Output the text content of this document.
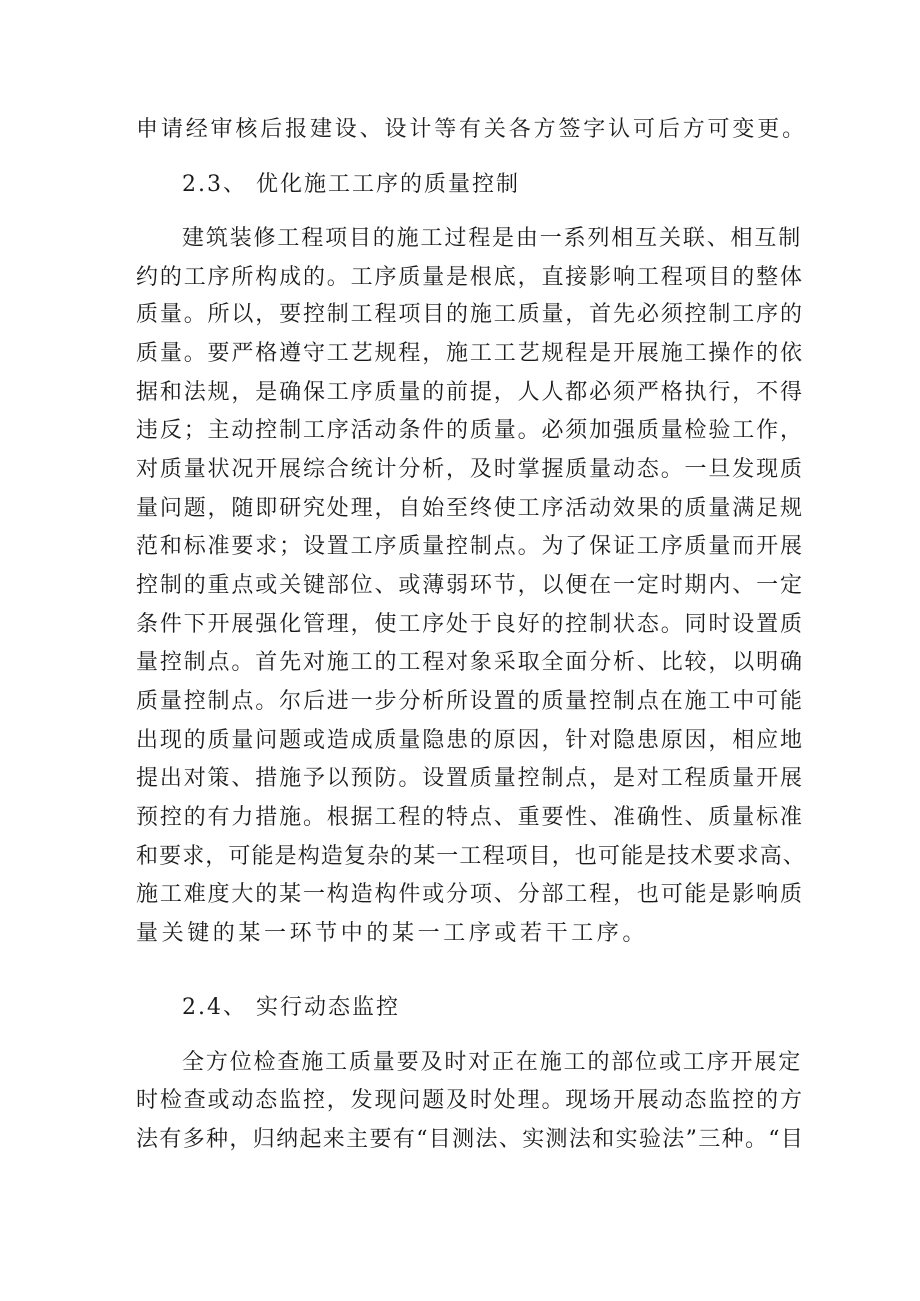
申请经审核后报建设、设计等有关各方签字认可后方可变更。

2.3、 优化施工工序的质量控制

建筑装修工程项目的施工过程是由一系列相互关联、相互制

约的工序所构成的。工序质量是根底，直接影响工程项目的整体

质量。所以，要控制工程项目的施工质量，首先必须控制工序的

质量。要严格遵守工艺规程，施工工艺规程是开展施工操作的依

据和法规，是确保工序质量的前提，人人都必须严格执行，不得

违反；主动控制工序活动条件的质量。必须加强质量检验工作，

对质量状况开展综合统计分析，及时掌握质量动态。一旦发现质

量问题，随即研究处理，自始至终使工序活动效果的质量满足规

范和标准要求；设置工序质量控制点。为了保证工序质量而开展

控制的重点或关键部位、或薄弱环节，以便在一定时期内、一定

条件下开展强化管理，使工序处于良好的控制状态。同时设置质

量控制点。首先对施工的工程对象采取全面分析、比较，以明确

质量控制点。尔后进一步分析所设置的质量控制点在施工中可能

出现的质量问题或造成质量隐患的原因，针对隐患原因，相应地

提出对策、措施予以预防。设置质量控制点，是对工程质量开展

预控的有力措施。根据工程的特点、重要性、准确性、质量标准

和要求，可能是构造复杂的某一工程项目，也可能是技术要求高、

施工难度大的某一构造构件或分项、分部工程，也可能是影响质

量关键的某一环节中的某一工序或若干工序。

2.4、 实行动态监控

全方位检查施工质量要及时对正在施工的部位或工序开展定

时检查或动态监控，发现问题及时处理。现场开展动态监控的方

法有多种，归纳起来主要有“目测法、实测法和实验法”三种。“目
